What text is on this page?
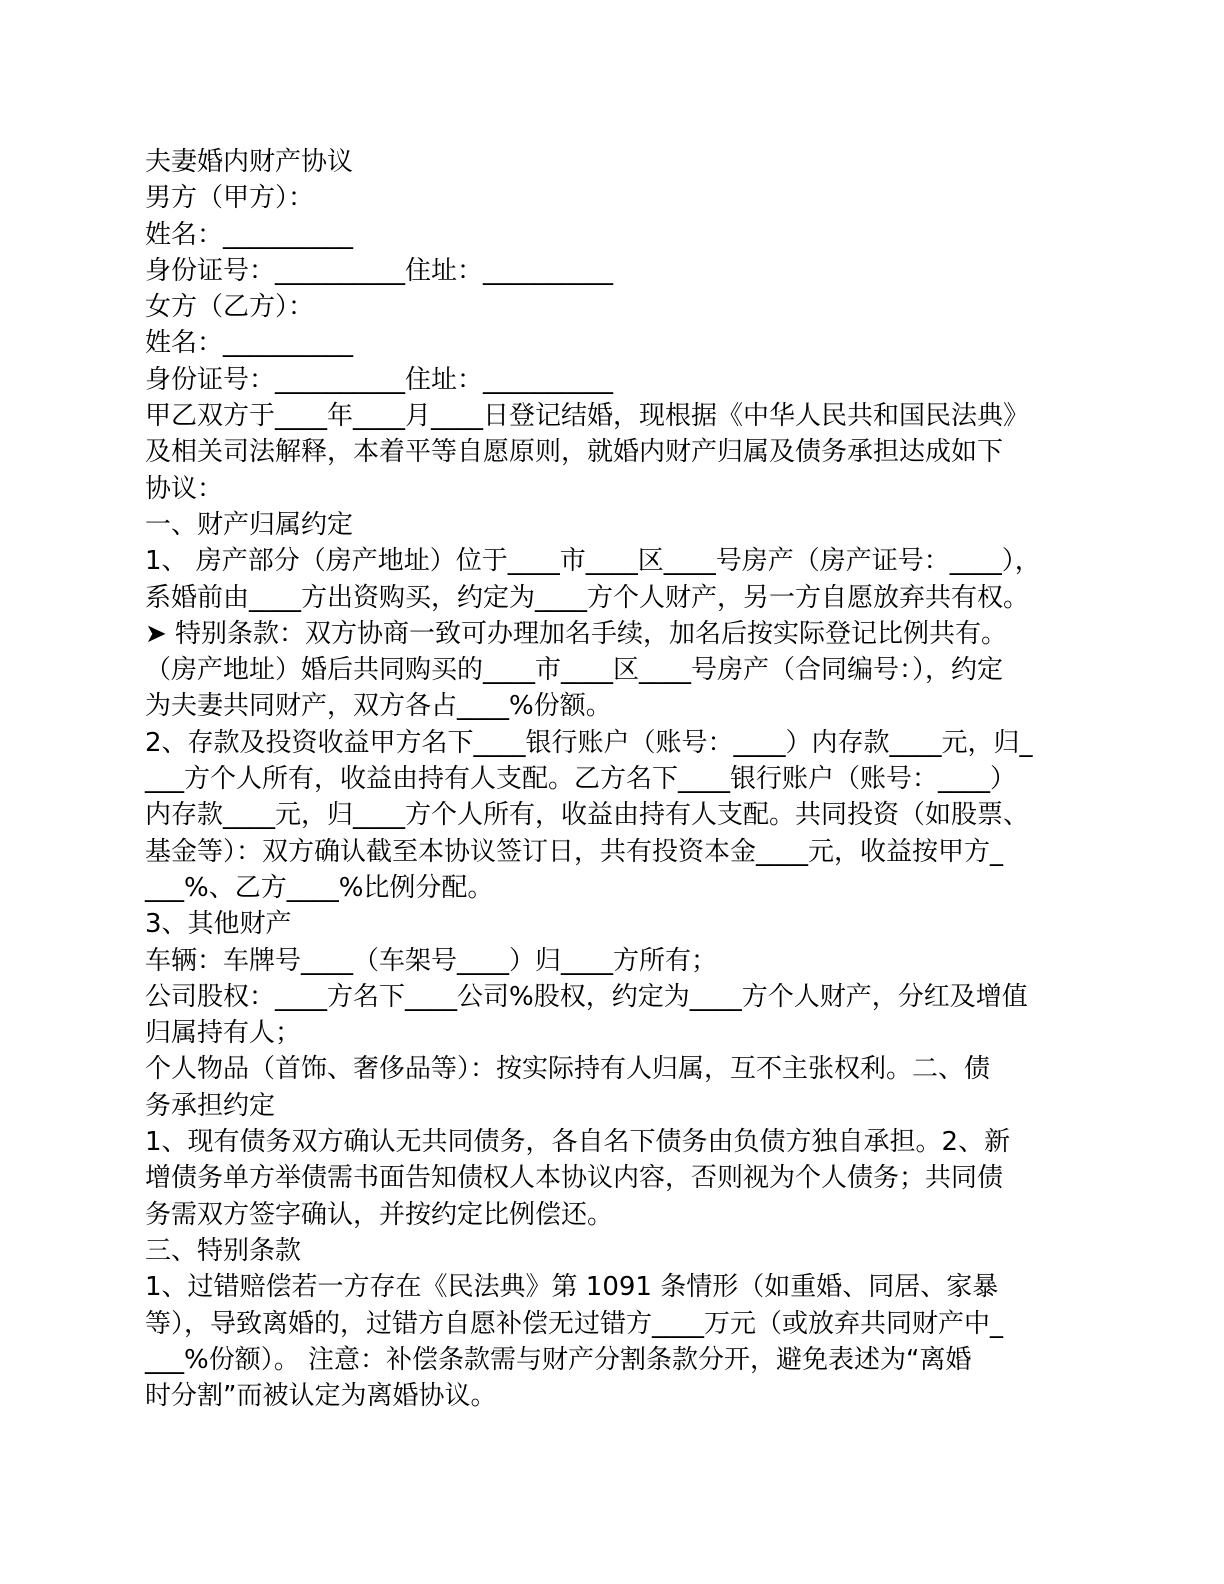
夫妻婚内财产协议
男方（甲方）：
姓名：__________
身份证号：__________住址：__________
女方（乙方）：
姓名：__________
身份证号：__________住址：__________
甲乙双方于____年____月____日登记结婚，现根据《中华人民共和国民法典》
及相关司法解释，本着平等自愿原则，就婚内财产归属及债务承担达成如下
协议：
一、财产归属约定
1、 房产部分（房产地址）位于____市____区____号房产（房产证号：____），
系婚前由____方出资购买，约定为____方个人财产，另一方自愿放弃共有权。
➤ 特别条款：双方协商一致可办理加名手续，加名后按实际登记比例共有。
（房产地址）婚后共同购买的____市____区____号房产（合同编号：），约定
为夫妻共同财产，双方各占____%份额。
2、存款及投资收益甲方名下____银行账户（账号：____）内存款____元，归_
___方个人所有，收益由持有人支配。乙方名下____银行账户（账号：____）
内存款____元，归____方个人所有，收益由持有人支配。共同投资（如股票、
基金等）：双方确认截至本协议签订日，共有投资本金____元，收益按甲方_
___%、乙方____%比例分配。
3、其他财产
车辆：车牌号____（车架号____）归____方所有；
公司股权：____方名下____公司%股权，约定为____方个人财产，分红及增值
归属持有人；
个人物品（首饰、奢侈品等）：按实际持有人归属，互不主张权利。二、债
务承担约定
1、现有债务双方确认无共同债务，各自名下债务由负债方独自承担。2、新
增债务单方举债需书面告知债权人本协议内容，否则视为个人债务；共同债
务需双方签字确认，并按约定比例偿还。
三、特别条款
1、过错赔偿若一方存在《民法典》第 1091 条情形（如重婚、同居、家暴
等），导致离婚的，过错方自愿补偿无过错方____万元（或放弃共同财产中_
___%份额）。 注意：补偿条款需与财产分割条款分开，避免表述为“离婚
时分割”而被认定为离婚协议。
